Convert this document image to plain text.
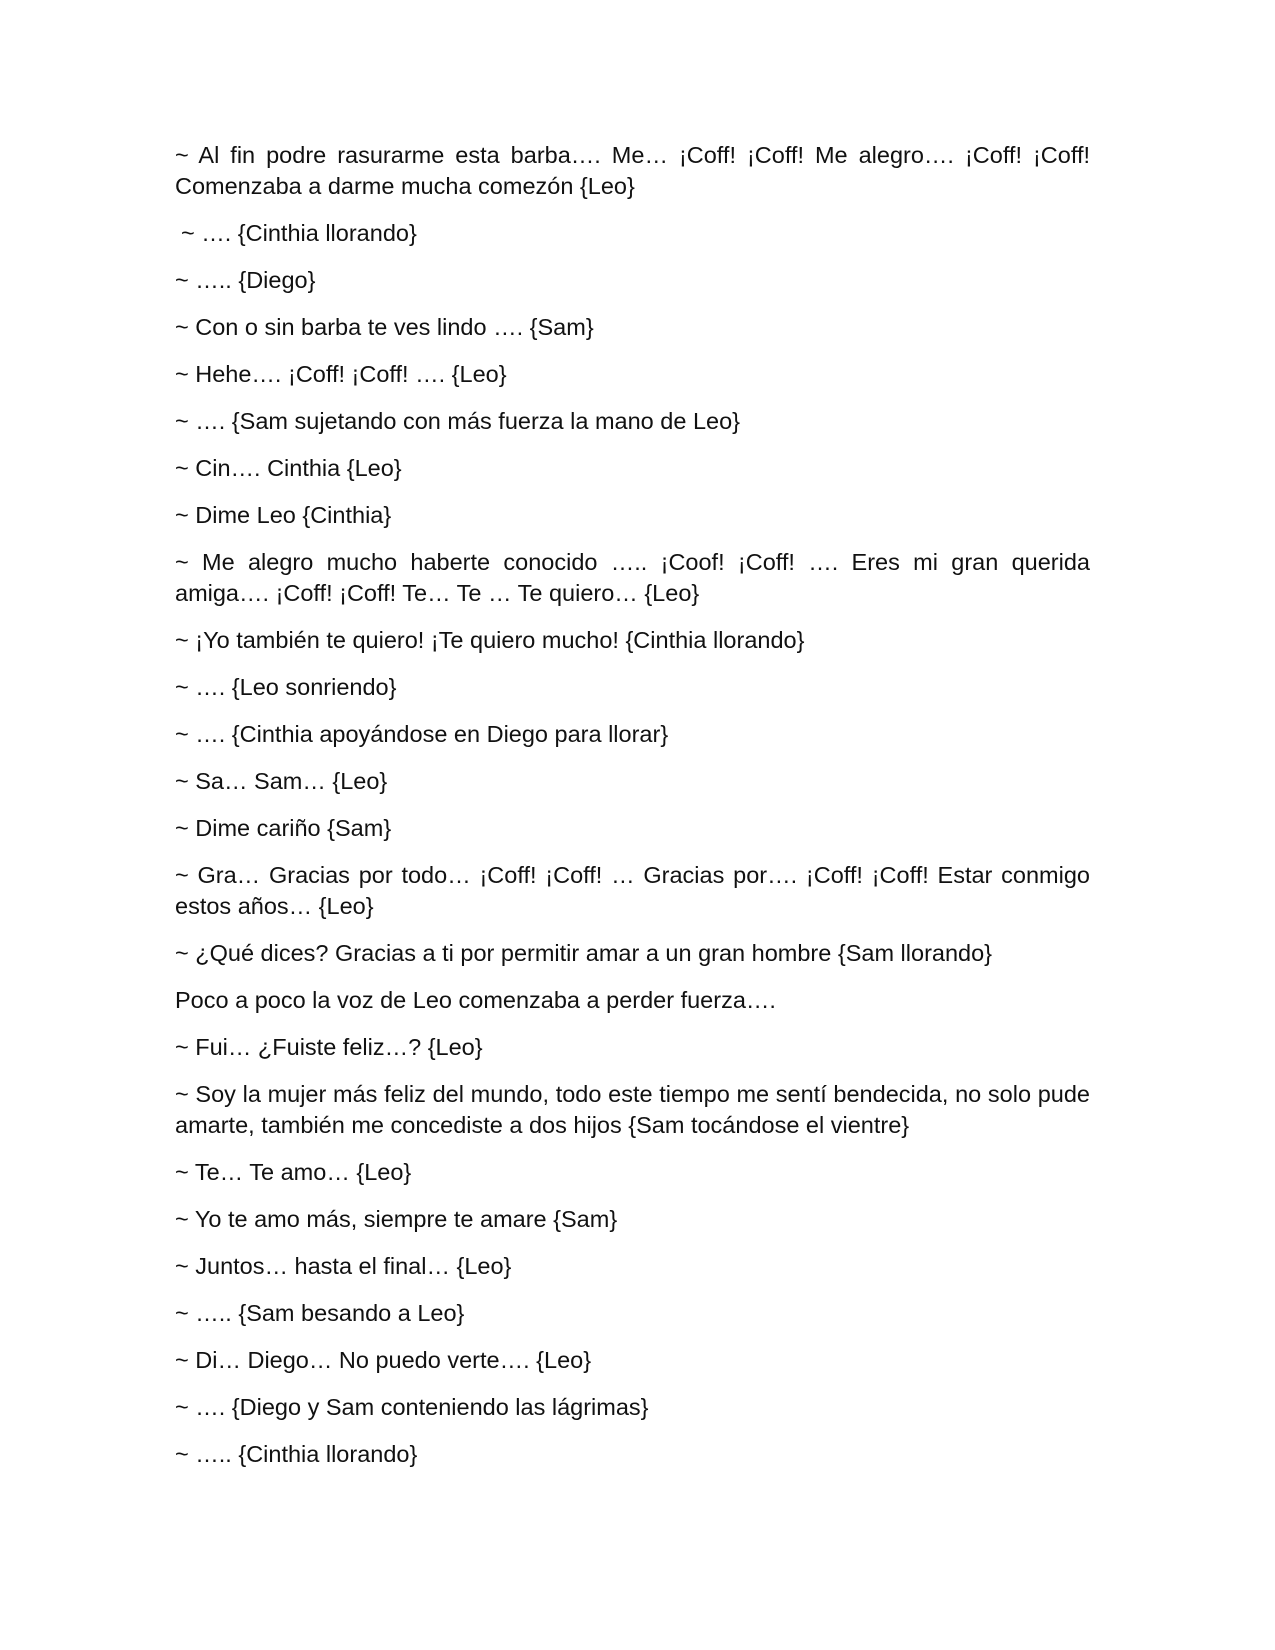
~ Al fin podre rasurarme esta barba…. Me… ¡Coff! ¡Coff! Me alegro…. ¡Coff! ¡Coff! Comenzaba a darme mucha comezón {Leo}

~ …. {Cinthia llorando}

~ ….. {Diego}

~ Con o sin barba te ves lindo …. {Sam}

~ Hehe…. ¡Coff! ¡Coff! …. {Leo}

~ …. {Sam sujetando con más fuerza la mano de Leo}

~ Cin…. Cinthia {Leo}

~ Dime Leo {Cinthia}

~ Me alegro mucho haberte conocido ….. ¡Coof! ¡Coff! …. Eres mi gran querida amiga…. ¡Coff! ¡Coff! Te… Te … Te quiero… {Leo}

~ ¡Yo también te quiero! ¡Te quiero mucho! {Cinthia llorando}

~ …. {Leo sonriendo}

~ …. {Cinthia apoyándose en Diego para llorar}

~ Sa… Sam… {Leo}

~ Dime cariño {Sam}

~ Gra… Gracias por todo… ¡Coff! ¡Coff! … Gracias por…. ¡Coff! ¡Coff! Estar conmigo estos años… {Leo}

~ ¿Qué dices? Gracias a ti por permitir amar a un gran hombre {Sam llorando}

Poco a poco la voz de Leo comenzaba a perder fuerza….

~ Fui… ¿Fuiste feliz…? {Leo}

~ Soy la mujer más feliz del mundo, todo este tiempo me sentí bendecida, no solo pude amarte, también me concediste a dos hijos {Sam tocándose el vientre}

~ Te… Te amo… {Leo}

~ Yo te amo más, siempre te amare {Sam}

~ Juntos… hasta el final… {Leo}

~ ….. {Sam besando a Leo}

~ Di… Diego… No puedo verte…. {Leo}

~ …. {Diego y Sam conteniendo las lágrimas}

~ ….. {Cinthia llorando}
